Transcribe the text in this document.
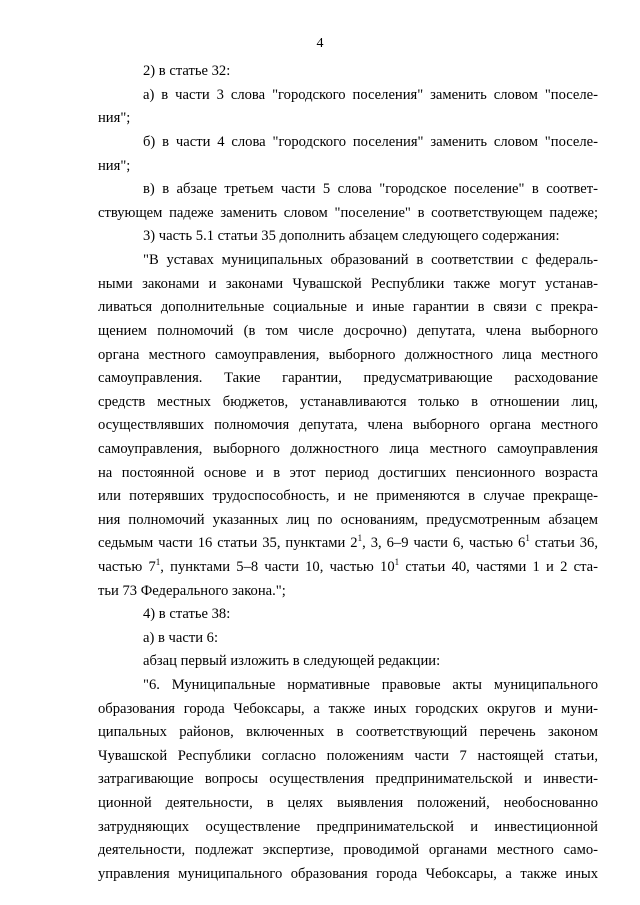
4
2) в статье 32:
а) в части 3 слова "городского поселения" заменить словом "поселе-
ния";
б) в части 4 слова "городского поселения" заменить словом "поселе-
ния";
в) в абзаце третьем части 5 слова "городское поселение" в соответ-
ствующем падеже заменить словом "поселение" в соответствующем падеже;
3) часть 5.1 статьи 35 дополнить абзацем следующего содержания:
"В уставах муниципальных образований в соответствии с федераль-
ными законами и законами Чувашской Республики также могут устанав-
ливаться дополнительные социальные и иные гарантии в связи с прекра-
щением полномочий (в том числе досрочно) депутата, члена выборного
органа местного самоуправления, выборного должностного лица местного
самоуправления. Такие гарантии, предусматривающие расходование
средств местных бюджетов, устанавливаются только в отношении лиц,
осуществлявших полномочия депутата, члена выборного органа местного
самоуправления, выборного должностного лица местного самоуправления
на постоянной основе и в этот период достигших пенсионного возраста
или потерявших трудоспособность, и не применяются в случае прекраще-
ния полномочий указанных лиц по основаниям, предусмотренным абзацем
седьмым части 16 статьи 35, пунктами $2^1$, 3, 6–9 части 6, частью $6^1$ статьи 36,
частью $7^1$, пунктами 5–8 части 10, частью $10^1$ статьи 40, частями 1 и 2 ста-
тьи 73 Федерального закона.";
4) в статье 38:
а) в части 6:
абзац первый изложить в следующей редакции:
"6. Муниципальные нормативные правовые акты муниципального
образования города Чебоксары, а также иных городских округов и муни-
ципальных районов, включенных в соответствующий перечень законом
Чувашской Республики согласно положениям части 7 настоящей статьи,
затрагивающие вопросы осуществления предпринимательской и инвести-
ционной деятельности, в целях выявления положений, необоснованно
затрудняющих осуществление предпринимательской и инвестиционной
деятельности, подлежат экспертизе, проводимой органами местного само-
управления муниципального образования города Чебоксары, а также иных
